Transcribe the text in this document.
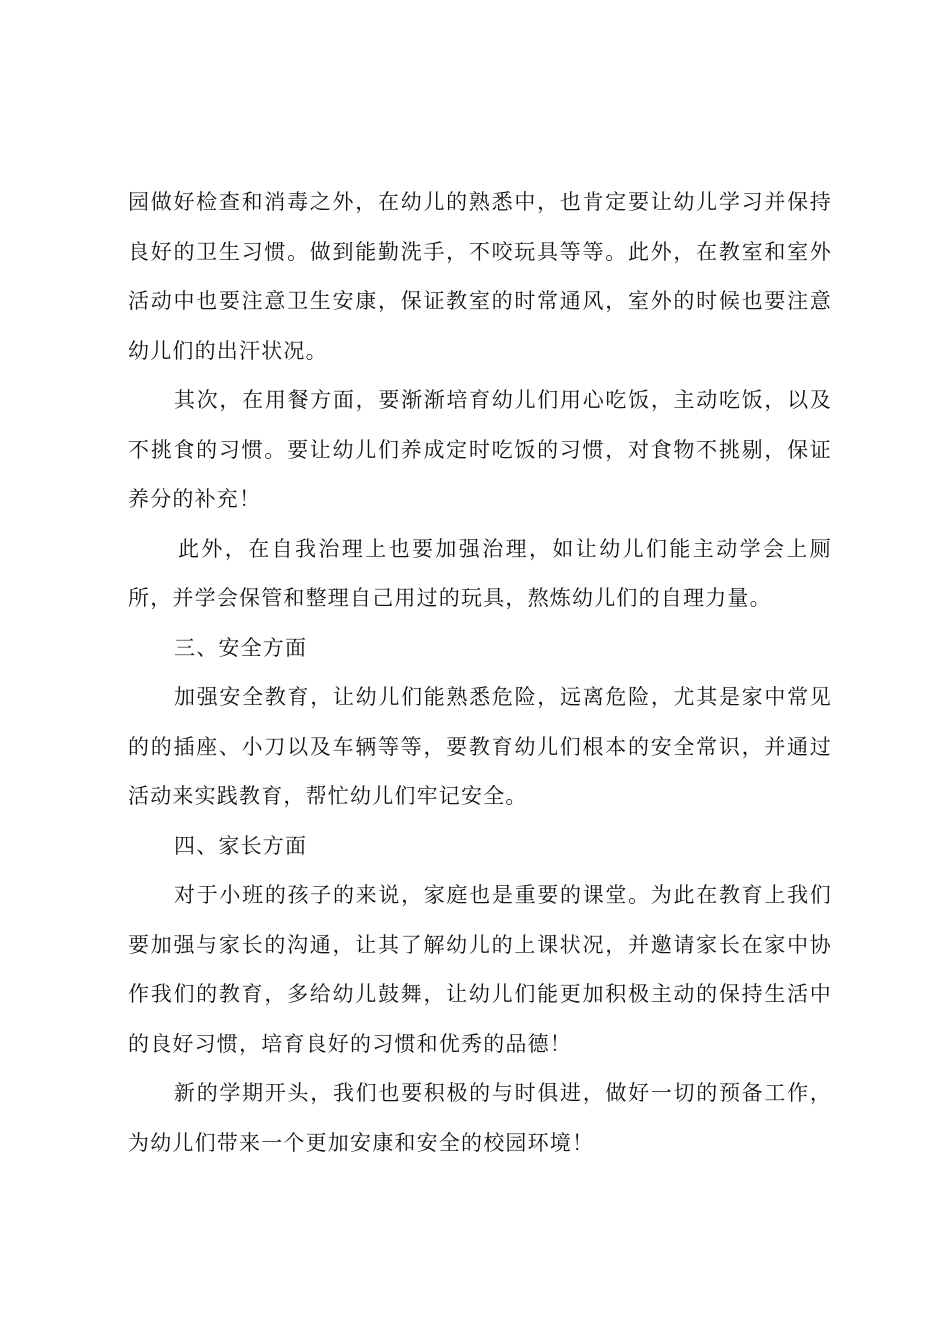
园做好检查和消毒之外，在幼儿的熟悉中，也肯定要让幼儿学习并保持良好的卫生习惯。做到能勤洗手，不咬玩具等等。此外，在教室和室外活动中也要注意卫生安康，保证教室的时常通风，室外的时候也要注意幼儿们的出汗状况。

其次，在用餐方面，要渐渐培育幼儿们用心吃饭，主动吃饭，以及不挑食的习惯。要让幼儿们养成定时吃饭的习惯，对食物不挑剔，保证养分的补充！

此外，在自我治理上也要加强治理，如让幼儿们能主动学会上厕所，并学会保管和整理自己用过的玩具，熬炼幼儿们的自理力量。

三、安全方面

加强安全教育，让幼儿们能熟悉危险，远离危险，尤其是家中常见的的插座、小刀以及车辆等等，要教育幼儿们根本的安全常识，并通过活动来实践教育，帮忙幼儿们牢记安全。

四、家长方面

对于小班的孩子的来说，家庭也是重要的课堂。为此在教育上我们要加强与家长的沟通，让其了解幼儿的上课状况，并邀请家长在家中协作我们的教育，多给幼儿鼓舞，让幼儿们能更加积极主动的保持生活中的良好习惯，培育良好的习惯和优秀的品德！

新的学期开头，我们也要积极的与时俱进，做好一切的预备工作，为幼儿们带来一个更加安康和安全的校园环境！
